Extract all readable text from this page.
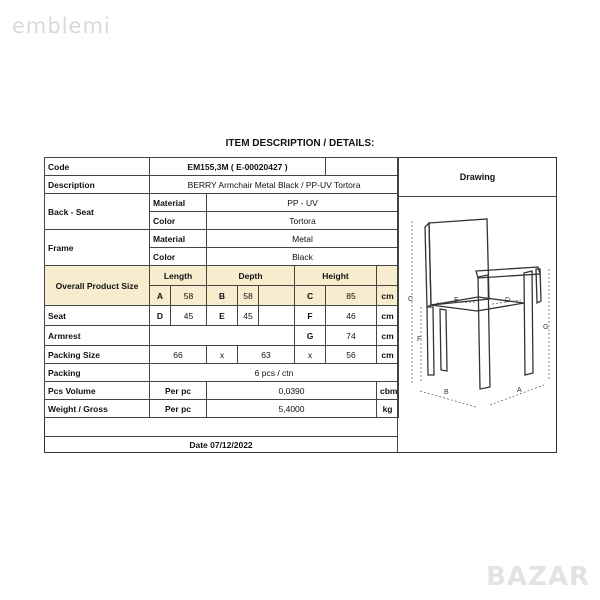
emblemi
BAZAR
ITEM DESCRIPTION / DETAILS:
Code	EM155,3M ( E-00020427 )							
Description	BERRY Armchair Metal Black / PP-UV Tortora							
Back - Seat	Material		PP - UV					
	Color		Tortora					
Frame	Material		Metal					
	Color		Black					
Overall Product Size	Length		Depth			Height		
	A	58	B	58		C	85	cm
Seat	D	45	E	45		F	46	cm
Armrest						G	74	cm
Packing Size	66		x	63		x	56	cm
Packing	6 pcs / ctn							
Pcs Volume	Per pc		0,0390					cbm
Weight / Gross	Per pc		5,4000					kg
Date 07/12/2022
Drawing
C
F
G
E	D
B	A
